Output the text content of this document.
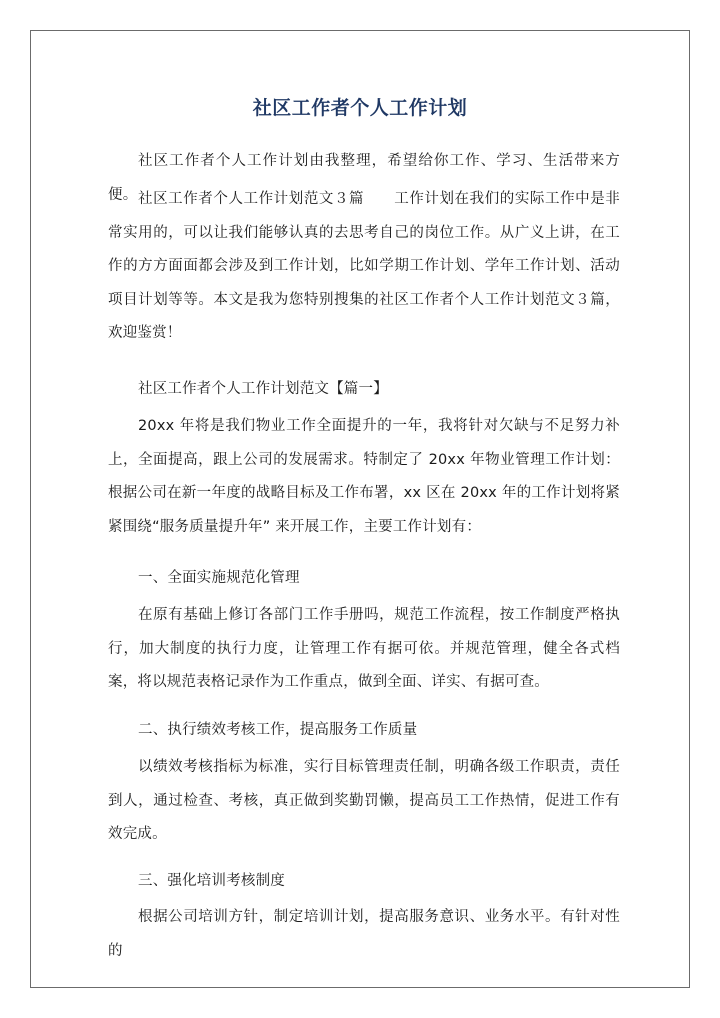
社区工作者个人工作计划

社区工作者个人工作计划由我整理，希望给你工作、学习、生活带来方便。 社区工作者个人工作计划范文３篇　　工作计划在我们的实际工作中是非常实用的，可以让我们能够认真的去思考自己的岗位工作。从广义上讲，在工作的方方面面都会涉及到工作计划，比如学期工作计划、学年工作计划、活动项目计划等等。本文是我为您特别搜集的社区工作者个人工作计划范文３篇，欢迎鉴赏！

社区工作者个人工作计划范文【篇一】

20xx 年将是我们物业工作全面提升的一年，我将针对欠缺与不足努力补上，全面提高，跟上公司的发展需求。特制定了 20xx 年物业管理工作计划：根据公司在新一年度的战略目标及工作布署，xx 区在 20xx 年的工作计划将紧紧围绕“服务质量提升年” 来开展工作，主要工作计划有：

一、全面实施规范化管理

在原有基础上修订各部门工作手册吗，规范工作流程，按工作制度严格执行，加大制度的执行力度，让管理工作有据可依。并规范管理，健全各式档案，将以规范表格记录作为工作重点，做到全面、详实、有据可查。

二、执行绩效考核工作，提高服务工作质量

以绩效考核指标为标准，实行目标管理责任制，明确各级工作职责，责任到人，通过检查、考核，真正做到奖勤罚懒，提高员工工作热情，促进工作有效完成。

三、强化培训考核制度

根据公司培训方针，制定培训计划，提高服务意识、业务水平。有针对性的
